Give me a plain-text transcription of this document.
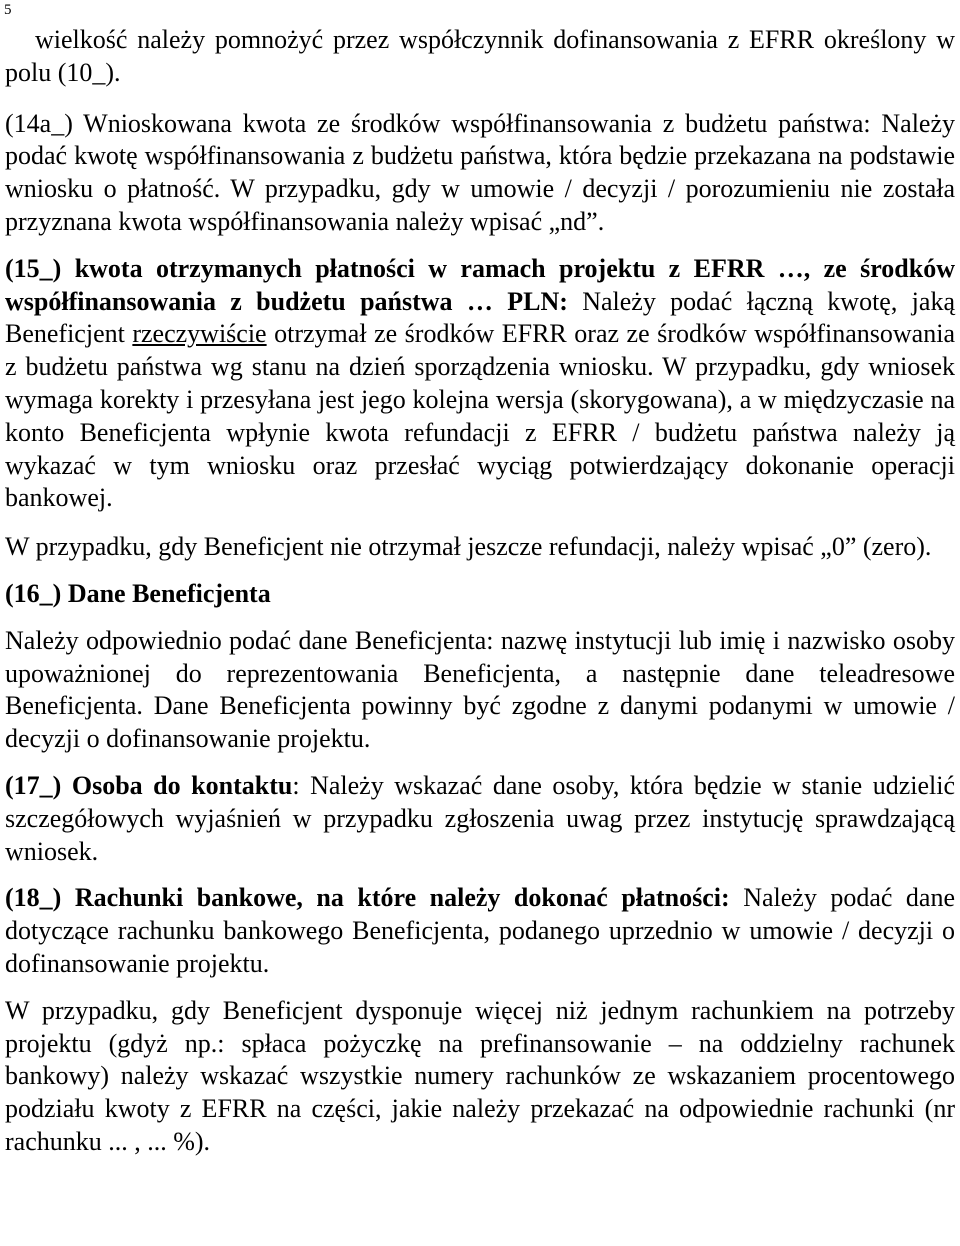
5

wielkość należy pomnożyć przez współczynnik dofinansowania z EFRR określony w polu (10_).

(14a_) Wnioskowana kwota ze środków współfinansowania z budżetu państwa: Należy podać kwotę współfinansowania z budżetu państwa, która będzie przekazana na podstawie wniosku o płatność. W przypadku, gdy w umowie / decyzji / porozumieniu nie została przyznana kwota współfinansowania należy wpisać „nd”.

(15_) kwota otrzymanych płatności w ramach projektu z EFRR …, ze środków współfinansowania z budżetu państwa … PLN: Należy podać łączną kwotę, jaką Beneficjent rzeczywiście otrzymał ze środków EFRR oraz ze środków współfinansowania z budżetu państwa wg stanu na dzień sporządzenia wniosku. W przypadku, gdy wniosek wymaga korekty i przesyłana jest jego kolejna wersja (skorygowana), a w międzyczasie na konto Beneficjenta wpłynie kwota refundacji z EFRR / budżetu państwa należy ją wykazać w tym wniosku oraz przesłać wyciąg potwierdzający dokonanie operacji bankowej.

W przypadku, gdy Beneficjent nie otrzymał jeszcze refundacji, należy wpisać „0” (zero).

(16_) Dane Beneficjenta

Należy odpowiednio podać dane Beneficjenta: nazwę instytucji lub imię i nazwisko osoby upoważnionej do reprezentowania Beneficjenta, a następnie dane teleadresowe Beneficjenta. Dane Beneficjenta powinny być zgodne z danymi podanymi w umowie / decyzji o dofinansowanie projektu.

(17_) Osoba do kontaktu: Należy wskazać dane osoby, która będzie w stanie udzielić szczegółowych wyjaśnień w przypadku zgłoszenia uwag przez instytucję sprawdzającą wniosek.

(18_) Rachunki bankowe, na które należy dokonać płatności: Należy podać dane dotyczące rachunku bankowego Beneficjenta, podanego uprzednio w umowie / decyzji o dofinansowanie projektu.

W przypadku, gdy Beneficjent dysponuje więcej niż jednym rachunkiem na potrzeby projektu (gdyż np.: spłaca pożyczkę na prefinansowanie – na oddzielny rachunek bankowy) należy wskazać wszystkie numery rachunków ze wskazaniem procentowego podziału kwoty z EFRR na części, jakie należy przekazać na odpowiednie rachunki (nr rachunku ... , ... %).
